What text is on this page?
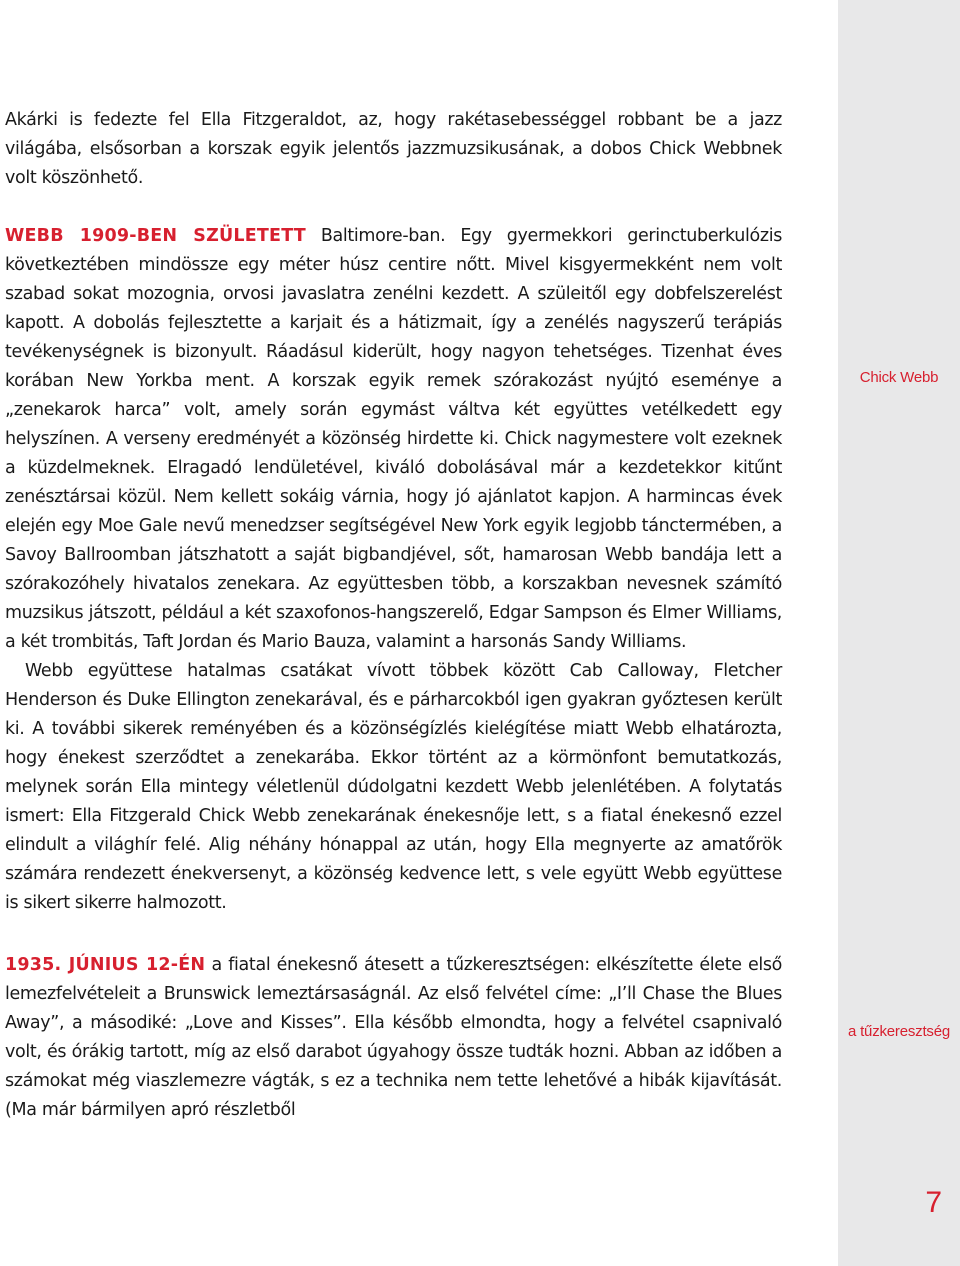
Chick Webb
a tűzkeresztség
7

Akárki is fedezte fel Ella Fitzgeraldot, az, hogy rakétasebességgel robbant be a jazz világába, elsősorban a korszak egyik jelentős jazzmuzsikusának, a dobos Chick Webbnek volt köszönhető.

WEBB 1909-BEN SZÜLETETT Baltimore-ban. Egy gyermekkori gerinctuberkulózis következtében mindössze egy méter húsz centire nőtt. Mivel kisgyermekként nem volt szabad sokat mozognia, orvosi javaslatra zenélni kezdett. A szüleitől egy dobfelszerelést kapott. A dobolás fejlesztette a karjait és a hátizmait, így a zenélés nagyszerű terápiás tevékenységnek is bizonyult. Ráadásul kiderült, hogy nagyon tehetséges. Tizenhat éves korában New Yorkba ment. A korszak egyik remek szórakozást nyújtó eseménye a „zenekarok harca” volt, amely során egymást váltva két együttes vetélkedett egy helyszínen. A verseny eredményét a közönség hirdette ki. Chick nagymestere volt ezeknek a küzdelmeknek. Elragadó lendületével, kiváló dobolásával már a kezdetekkor kitűnt zenésztársai közül. Nem kellett sokáig várnia, hogy jó ajánlatot kapjon. A harmincas évek elején egy Moe Gale nevű menedzser segítségével New York egyik legjobb tánctermében, a Savoy Ballroomban játszhatott a saját bigbandjével, sőt, hamarosan Webb bandája lett a szórakozóhely hivatalos zenekara. Az együttesben több, a korszakban nevesnek számító muzsikus játszott, például a két szaxofonos-hangszerelő, Edgar Sampson és Elmer Williams, a két trombitás, Taft Jordan és Mario Bauza, valamint a harsonás Sandy Williams.

Webb együttese hatalmas csatákat vívott többek között Cab Calloway, Fletcher Henderson és Duke Ellington zenekarával, és e párharcokból igen gyakran győztesen került ki. A további sikerek reményében és a közönségízlés kielégítése miatt Webb elhatározta, hogy énekest szerződtet a zenekarába. Ekkor történt az a körmönfont bemutatkozás, melynek során Ella mintegy véletlenül dúdolgatni kezdett Webb jelenlétében. A folytatás ismert: Ella Fitzgerald Chick Webb zenekarának énekesnője lett, s a fiatal énekesnő ezzel elindult a világhír felé. Alig néhány hónappal az után, hogy Ella megnyerte az amatőrök számára rendezett énekversenyt, a közönség kedvence lett, s vele együtt Webb együttese is sikert sikerre halmozott.

1935. JÚNIUS 12-ÉN a fiatal énekesnő átesett a tűzkeresztségen: elkészítette élete első lemezfelvételeit a Brunswick lemeztársaságnál. Az első felvétel címe: „I’ll Chase the Blues Away”, a másodiké: „Love and Kisses”. Ella később elmondta, hogy a felvétel csapnivaló volt, és órákig tartott, míg az első darabot úgyahogy össze tudták hozni. Abban az időben a számokat még viaszlemezre vágták, s ez a technika nem tette lehetővé a hibák kijavítását. (Ma már bármilyen apró részletből
